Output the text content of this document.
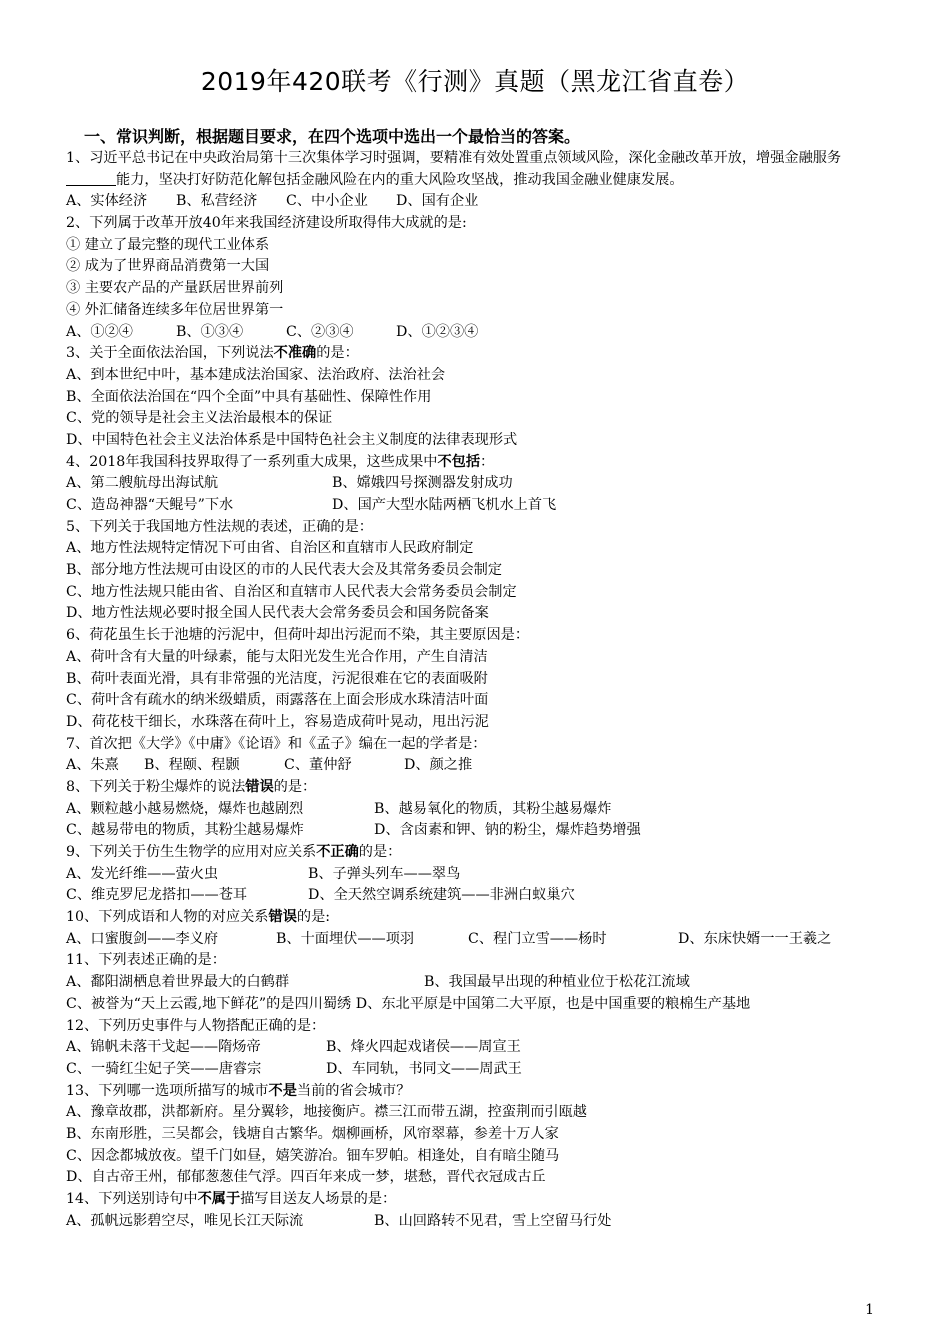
2019年420联考《行测》真题（黑龙江省直卷）
一、常识判断，根据题目要求，在四个选项中选出一个最恰当的答案。
1、习近平总书记在中央政治局第十三次集体学习时强调，要精准有效处置重点领域风险，深化金融改革开放，增强金融服务能力，坚决打好防范化解包括金融风险在内的重大风险攻坚战，推动我国金融业健康发展。
A、实体经济 B、私营经济 C、中小企业 D、国有企业
2、下列属于改革开放40年来我国经济建设所取得伟大成就的是:
① 建立了最完整的现代工业体系
② 成为了世界商品消费第一大国
③ 主要农产品的产量跃居世界前列
④ 外汇储备连续多年位居世界第一
A、①②④	B、①③④	C、②③④	D、①②③④
3、关于全面依法治国，下列说法不准确的是：
A、到本世纪中叶，基本建成法治国家、法治政府、法治社会
B、全面依法治国在“四个全面”中具有基础性、保障性作用
C、党的领导是社会主义法治最根本的保证
D、中国特色社会主义法治体系是中国特色社会主义制度的法律表现形式
4、2018年我国科技界取得了一系列重大成果，这些成果中不包括：
A、第二艘航母出海试航	B、嫦娥四号探测器发射成功
C、造岛神器“天鲲号”下水	D、国产大型水陆两栖飞机水上首飞
5、下列关于我国地方性法规的表述，正确的是：
A、地方性法规特定情况下可由省、自治区和直辖市人民政府制定
B、部分地方性法规可由设区的市的人民代表大会及其常务委员会制定
C、地方性法规只能由省、自治区和直辖市人民代表大会常务委员会制定
D、地方性法规必要时报全国人民代表大会常务委员会和国务院备案
6、荷花虽生长于池塘的污泥中，但荷叶却出污泥而不染，其主要原因是：
A、荷叶含有大量的叶绿素，能与太阳光发生光合作用，产生自清洁
B、荷叶表面光滑，具有非常强的光洁度，污泥很难在它的表面吸附
C、荷叶含有疏水的纳米级蜡质，雨露落在上面会形成水珠清洁叶面
D、荷花枝干细长，水珠落在荷叶上，容易造成荷叶晃动，甩出污泥
7、首次把《大学》《中庸》《论语》和《孟子》编在一起的学者是：
A、朱熹 B、程颐、程颢	C、董仲舒	D、颜之推
8、下列关于粉尘爆炸的说法错误的是：
A、颗粒越小越易燃烧，爆炸也越剧烈	B、越易氧化的物质，其粉尘越易爆炸
C、越易带电的物质，其粉尘越易爆炸	D、含卤素和钾、钠的粉尘，爆炸趋势增强
9、下列关于仿生生物学的应用对应关系不正确的是：
A、发光纤维——萤火虫	B、子弹头列车——翠鸟
C、维克罗尼龙搭扣——苍耳	D、全天然空调系统建筑——非洲白蚁巢穴
10、下列成语和人物的对应关系错误的是:
A、口蜜腹剑——李义府	B、十面埋伏——项羽	C、程门立雪——杨时	D、东床快婿一一王羲之
11、下列表述正确的是：
A、鄱阳湖栖息着世界最大的白鹤群	B、我国最早出现的种植业位于松花江流域
C、被誉为“天上云霞,地下鲜花”的是四川蜀绣 D、东北平原是中国第二大平原，也是中国重要的粮棉生产基地
12、下列历史事件与人物搭配正确的是：
A、锦帆未落干戈起——隋炀帝	B、烽火四起戏诸侯——周宣王
C、一骑红尘妃子笑——唐睿宗	D、车同轨，书同文——周武王
13、下列哪一选项所描写的城市不是当前的省会城市？
A、豫章故郡，洪都新府。星分翼轸，地接衡庐。襟三江而带五湖，控蛮荆而引瓯越
B、东南形胜，三吴都会，钱塘自古繁华。烟柳画桥，风帘翠幕，参差十万人家
C、因念都城放夜。望千门如昼，嬉笑游冶。钿车罗帕。相逢处，自有暗尘随马
D、自古帝王州，郁郁葱葱佳气浮。四百年来成一梦，堪愁，晋代衣冠成古丘
14、下列送别诗句中不属于描写目送友人场景的是：
A、孤帆远影碧空尽，唯见长江天际流	B、山回路转不见君，雪上空留马行处
1
